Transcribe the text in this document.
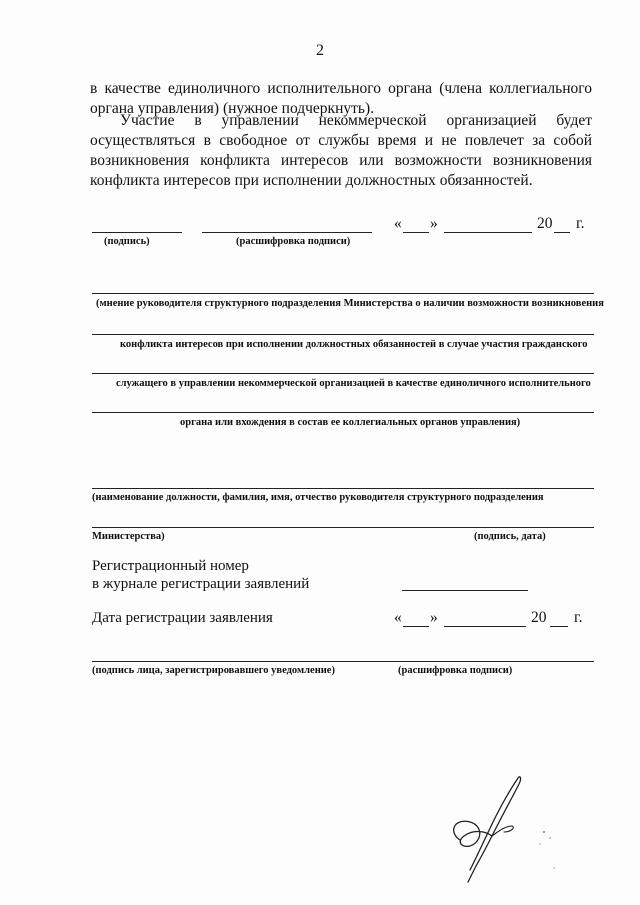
2
в качестве единоличного исполнительного органа (члена коллегиального
органа управления) (нужное подчеркнуть).
Участие в управлении некоммерческой организацией будет
осуществляться в свободное от службы время и не повлечет за собой
возникновения конфликта интересов или возможности возникновения
конфликта интересов при исполнении должностных обязанностей.
(подпись)	(расшифровка подписи)
« »	20 г.
(мнение руководителя структурного подразделения Министерства о наличии возможности возникновения
конфликта интересов при исполнении должностных обязанностей в случае участия гражданского
служащего в управлении некоммерческой организацией в качестве единоличного исполнительного
органа или вхождения в состав ее коллегиальных органов управления)
(наименование должности, фамилия, имя, отчество руководителя структурного подразделения
Министерства)	(подпись, дата)
Регистрационный номер
в журнале регистрации заявлений
Дата регистрации заявления	« »	20 г.
(подпись лица, зарегистрировавшего уведомление)	(расшифровка подписи)
